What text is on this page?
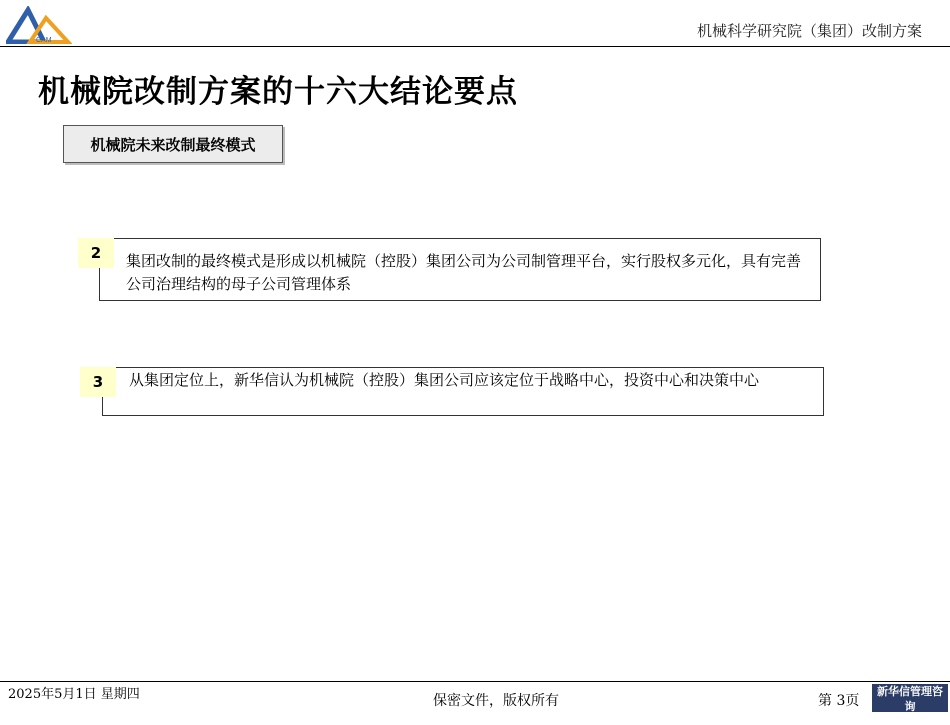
CAM
机械科学研究院（集团）改制方案
机械院改制方案的十六大结论要点
机械院未来改制最终模式
集团改制的最终模式是形成以机械院（控股）集团公司为公司制管理平台，实行股权多元化，具有完善公司治理结构的母子公司管理体系
2
从集团定位上，新华信认为机械院（控股）集团公司应该定位于战略中心，投资中心和决策中心
3
2025年5月1日 星期四	保密文件，版权所有	第 3页
新华信管理咨询
SINOTRUST
